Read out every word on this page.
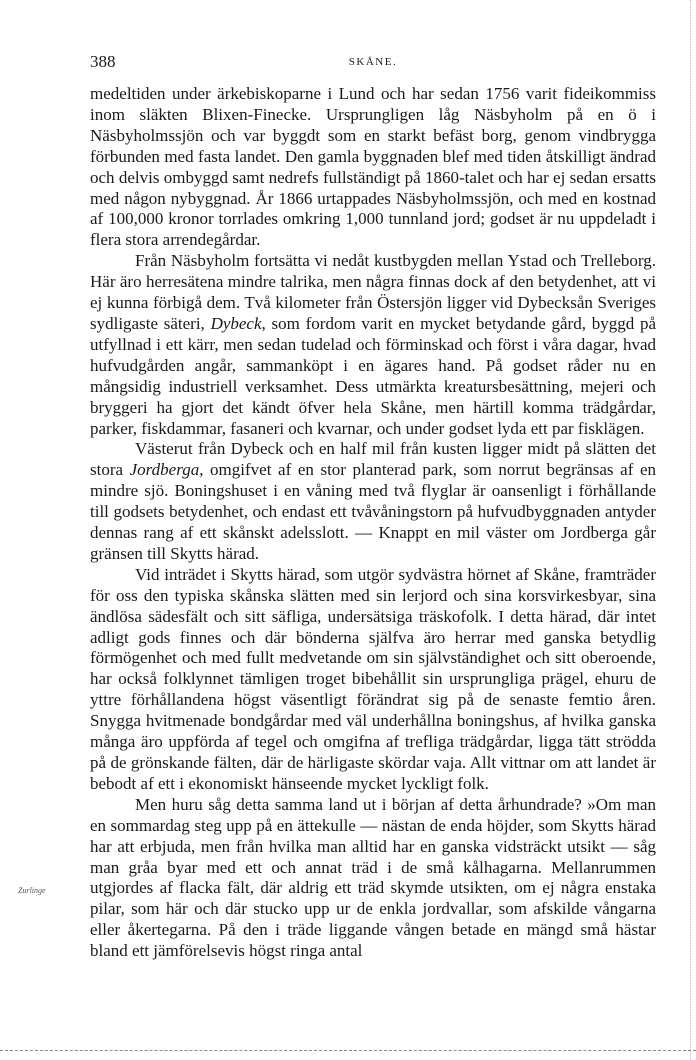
388	SKÅNE.

medeltiden under ärkebiskoparne i Lund och har sedan 1756 varit fideikommiss inom släkten Blixen-Finecke. Ursprungligen låg Näsbyholm på en ö i Näsbyholmssjön och var byggdt som en starkt befäst borg, genom vindbrygga förbunden med fasta landet. Den gamla byggnaden blef med tiden åtskilligt ändrad och delvis ombyggd samt nedrefs fullständigt på 1860-talet och har ej sedan ersatts med någon nybyggnad. År 1866 urtappades Näsbyholmssjön, och med en kostnad af 100,000 kronor torrlades omkring 1,000 tunnland jord; godset är nu uppdeladt i flera stora arrendegårdar.

Från Näsbyholm fortsätta vi nedåt kustbygden mellan Ystad och Trelleborg. Här äro herresätena mindre talrika, men några finnas dock af den betydenhet, att vi ej kunna förbigå dem. Två kilometer från Östersjön ligger vid Dybecksån Sveriges sydligaste säteri, Dybeck, som fordom varit en mycket betydande gård, byggd på utfyllnad i ett kärr, men sedan tudelad och förminskad och först i våra dagar, hvad hufvudgården angår, sammanköpt i en ägares hand. På godset råder nu en mångsidig industriell verksamhet. Dess utmärkta kreatursbesättning, mejeri och bryggeri ha gjort det kändt öfver hela Skåne, men härtill komma trädgårdar, parker, fiskdammar, fasaneri och kvarnar, och under godset lyda ett par fisklägen.

Västerut från Dybeck och en half mil från kusten ligger midt på slätten det stora Jordberga, omgifvet af en stor planterad park, som norrut begränsas af en mindre sjö. Boningshuset i en våning med två flyglar är oansenligt i förhållande till godsets betydenhet, och endast ett tvåvåningstorn på hufvudbyggnaden antyder dennas rang af ett skånskt adelsslott. — Knappt en mil väster om Jordberga går gränsen till Skytts härad.

Vid inträdet i Skytts härad, som utgör sydvästra hörnet af Skåne, framträder för oss den typiska skånska slätten med sin lerjord och sina korsvirkesbyar, sina ändlösa sädesfält och sitt säfliga, undersätsiga träskofolk. I detta härad, där intet adligt gods finnes och där bönderna själfva äro herrar med ganska betydlig förmögenhet och med fullt medvetande om sin självständighet och sitt oberoende, har också folklynnet tämligen troget bibehållit sin ursprungliga prägel, ehuru de yttre förhållandena högst väsentligt förändrat sig på de senaste femtio åren. Snygga hvitmenade bondgårdar med väl underhållna boningshus, af hvilka ganska många äro uppförda af tegel och omgifna af trefliga trädgårdar, ligga tätt strödda på de grönskande fälten, där de härligaste skördar vaja. Allt vittnar om att landet är bebodt af ett i ekonomiskt hänseende mycket lyckligt folk.

Men huru såg detta samma land ut i början af detta århundrade? »Om man en sommardag steg upp på en ättekulle — nästan de enda höjder, som Skytts härad har att erbjuda, men från hvilka man alltid har en ganska vidsträckt utsikt — såg man gråa byar med ett och annat träd i de små kålhagarna. Mellanrummen utgjordes af flacka fält, där aldrig ett träd skymde utsikten, om ej några enstaka pilar, som här och där stucko upp ur de enkla jordvallar, som afskilde vångarna eller åkertegarna. På den i träde liggande vången betade en mängd små hästar bland ett jämförelsevis högst ringa antal

Zurlinge
